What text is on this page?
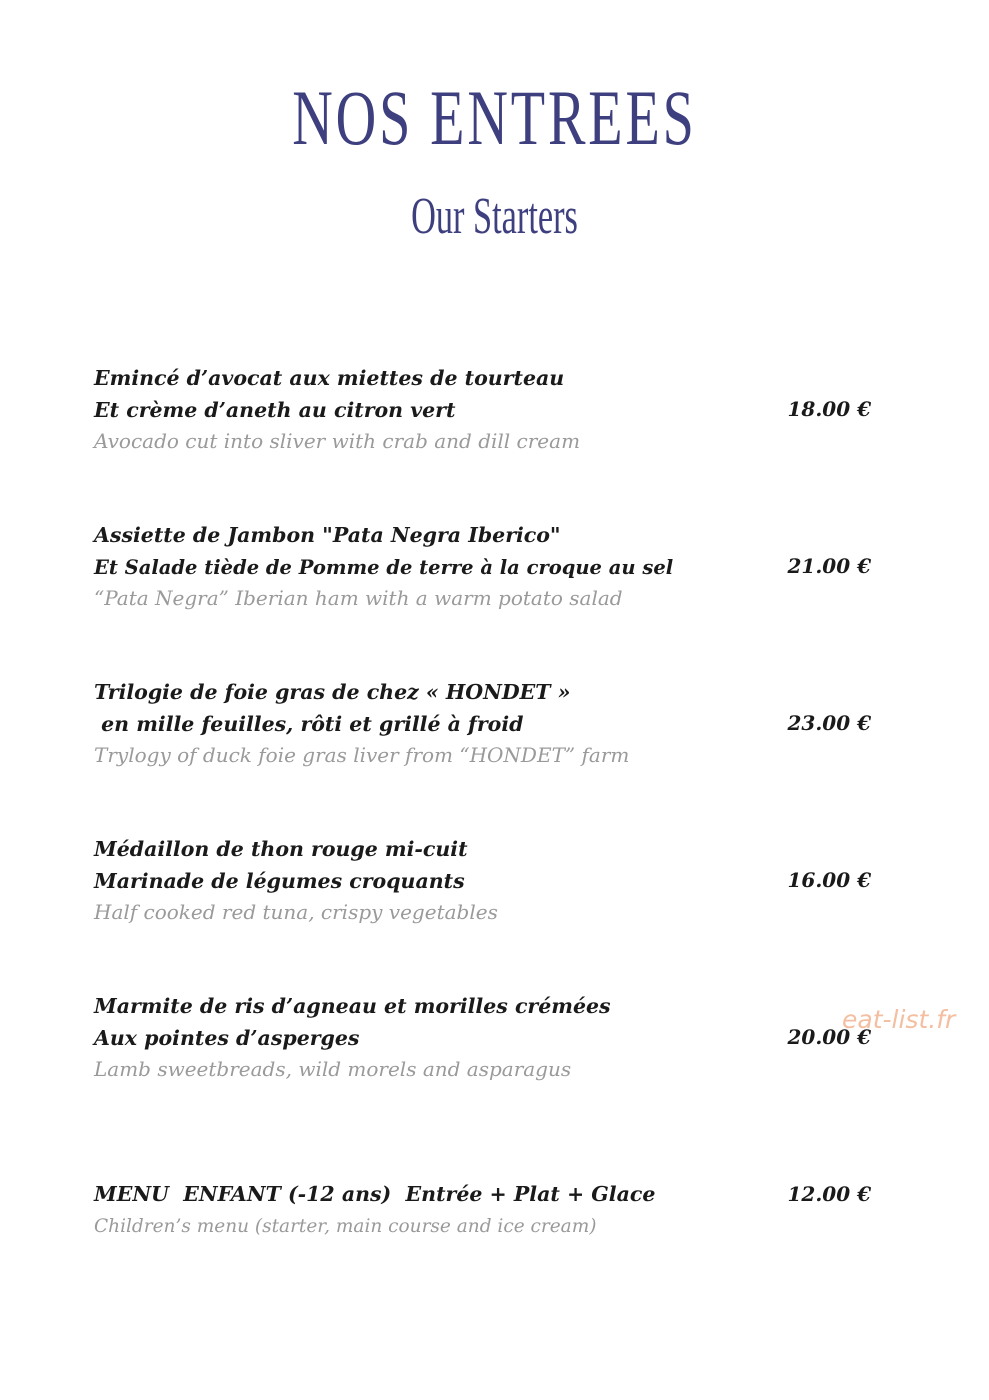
NOS ENTREES
Our Starters
Emincé d’avocat aux miettes de tourteau
Et crème d’aneth au citron vert
Avocado cut into sliver with crab and dill cream
18.00 €
Assiette de Jambon "Pata Negra Iberico"
Et Salade tiède de Pomme de terre à la croque au sel
“Pata Negra” Iberian ham with a warm potato salad
21.00 €
Trilogie de foie gras de chez « HONDET »
en mille feuilles, rôti et grillé à froid
Trylogy of duck foie gras liver from “HONDET” farm
23.00 €
Médaillon de thon rouge mi-cuit
Marinade de légumes croquants
Half cooked red tuna, crispy vegetables
16.00 €
Marmite de ris d’agneau et morilles crémées
Aux pointes d’asperges
Lamb sweetbreads, wild morels and asparagus
20.00 €
MENU  ENFANT (-12 ans)  Entrée + Plat + Glace
Children’s menu (starter, main course and ice cream)
12.00 €
eat-list.fr
